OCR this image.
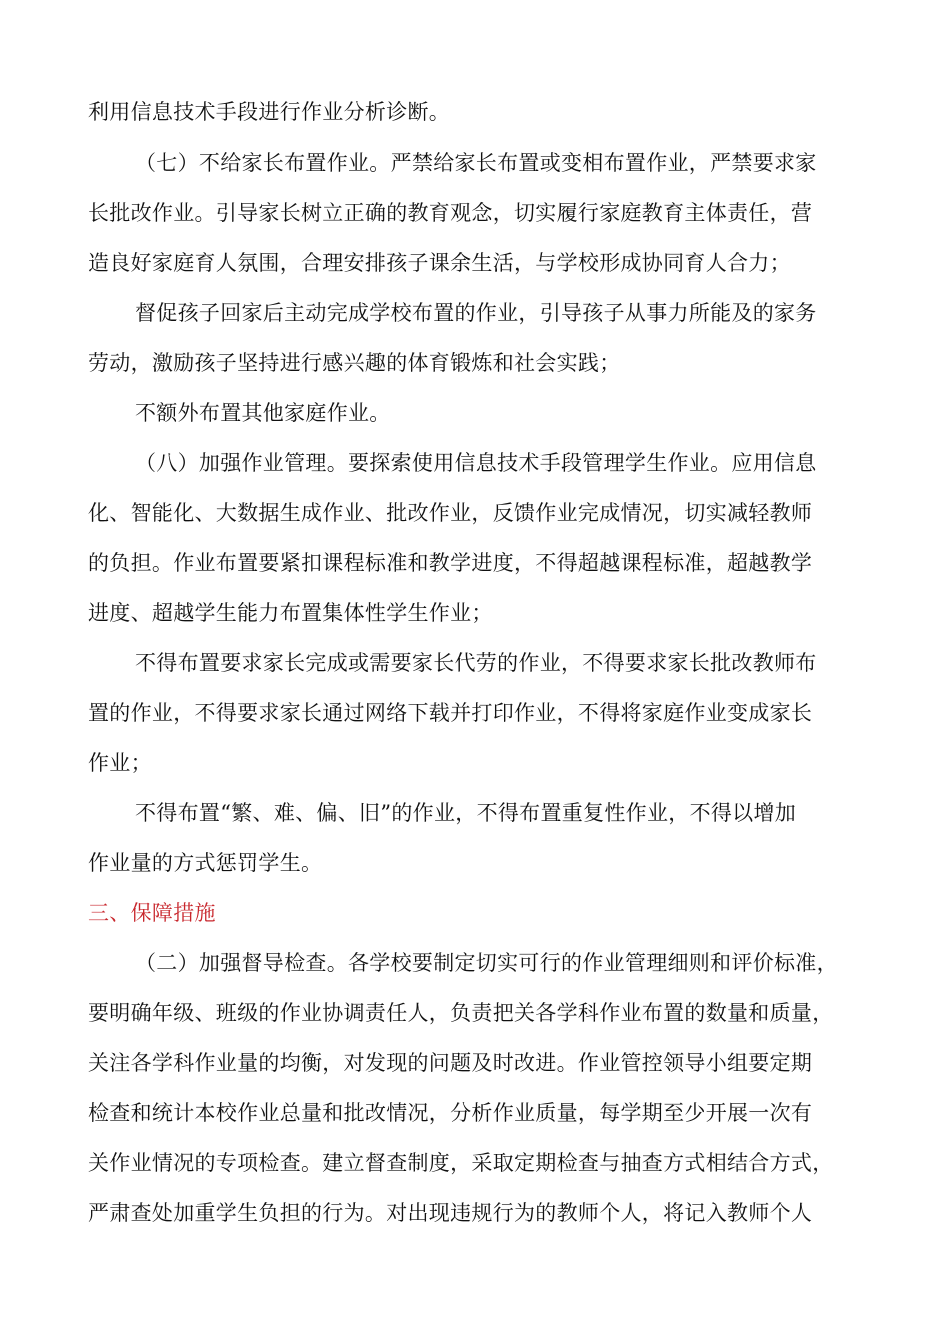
利用信息技术手段进行作业分析诊断。
（七）不给家长布置作业。严禁给家长布置或变相布置作业，严禁要求家
长批改作业。引导家长树立正确的教育观念，切实履行家庭教育主体责任，营
造良好家庭育人氛围，合理安排孩子课余生活，与学校形成协同育人合力；
督促孩子回家后主动完成学校布置的作业，引导孩子从事力所能及的家务
劳动，激励孩子坚持进行感兴趣的体育锻炼和社会实践；
不额外布置其他家庭作业。
（八）加强作业管理。要探索使用信息技术手段管理学生作业。应用信息
化、智能化、大数据生成作业、批改作业，反馈作业完成情况，切实减轻教师
的负担。作业布置要紧扣课程标准和教学进度，不得超越课程标准，超越教学
进度、超越学生能力布置集体性学生作业；
不得布置要求家长完成或需要家长代劳的作业，不得要求家长批改教师布
置的作业，不得要求家长通过网络下载并打印作业，不得将家庭作业变成家长
作业；
不得布置“繁、难、偏、旧”的作业，不得布置重复性作业，不得以增加
作业量的方式惩罚学生。
三、保障措施
（二）加强督导检查。各学校要制定切实可行的作业管理细则和评价标准，
要明确年级、班级的作业协调责任人，负责把关各学科作业布置的数量和质量，
关注各学科作业量的均衡，对发现的问题及时改进。作业管控领导小组要定期
检查和统计本校作业总量和批改情况，分析作业质量，每学期至少开展一次有
关作业情况的专项检查。建立督查制度，采取定期检查与抽查方式相结合方式，
严肃查处加重学生负担的行为。对出现违规行为的教师个人，将记入教师个人
